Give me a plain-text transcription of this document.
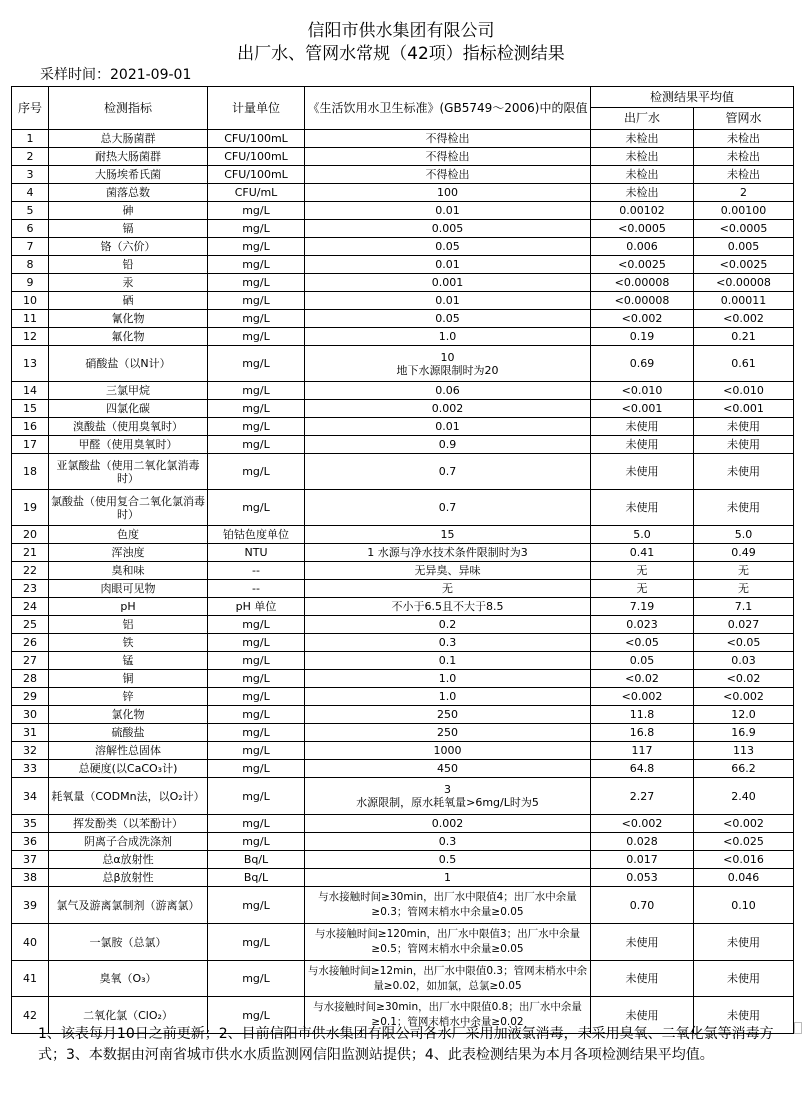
信阳市供水集团有限公司
出厂水、管网水常规（42项）指标检测结果
采样时间：2021-09-01
序号	检测指标	计量单位	《生活饮用水卫生标准》(GB5749～2006)中的限值	检测结果平均值	
				出厂水	管网水
1	总大肠菌群	CFU/100mL	不得检出	未检出	未检出
2	耐热大肠菌群	CFU/100mL	不得检出	未检出	未检出
3	大肠埃希氏菌	CFU/100mL	不得检出	未检出	未检出
4	菌落总数	CFU/mL	100	未检出	2
5	砷	mg/L	0.01	0.00102	0.00100
6	镉	mg/L	0.005	<0.0005	<0.0005
7	铬（六价）	mg/L	0.05	0.006	0.005
8	铅	mg/L	0.01	<0.0025	<0.0025
9	汞	mg/L	0.001	<0.00008	<0.00008
10	硒	mg/L	0.01	<0.00008	0.00011
11	氰化物	mg/L	0.05	<0.002	<0.002
12	氟化物	mg/L	1.0	0.19	0.21
13	硝酸盐（以N计）	mg/L	10
地下水源限制时为20	0.69	0.61
14	三氯甲烷	mg/L	0.06	<0.010	<0.010
15	四氯化碳	mg/L	0.002	<0.001	<0.001
16	溴酸盐（使用臭氧时）	mg/L	0.01	未使用	未使用
17	甲醛（使用臭氧时）	mg/L	0.9	未使用	未使用
18	亚氯酸盐（使用二氧化氯消毒时）	mg/L	0.7	未使用	未使用
19	氯酸盐（使用复合二氧化氯消毒时）	mg/L	0.7	未使用	未使用
20	色度	铂钴色度单位	15	5.0	5.0
21	浑浊度	NTU	1 水源与净水技术条件限制时为3	0.41	0.49
22	臭和味	--	无异臭、异味	无	无
23	肉眼可见物	--	无	无	无
24	pH	pH 单位	不小于6.5且不大于8.5	7.19	7.1
25	铝	mg/L	0.2	0.023	0.027
26	铁	mg/L	0.3	<0.05	<0.05
27	锰	mg/L	0.1	0.05	0.03
28	铜	mg/L	1.0	<0.02	<0.02
29	锌	mg/L	1.0	<0.002	<0.002
30	氯化物	mg/L	250	11.8	12.0
31	硫酸盐	mg/L	250	16.8	16.9
32	溶解性总固体	mg/L	1000	117	113
33	总硬度(以CaCO₃计)	mg/L	450	64.8	66.2
34	耗氧量（CODMn法，以O₂计）	mg/L	3
水源限制，原水耗氧量>6mg/L时为5	2.27	2.40
35	挥发酚类（以苯酚计）	mg/L	0.002	<0.002	<0.002
36	阴离子合成洗涤剂	mg/L	0.3	0.028	<0.025
37	总α放射性	Bq/L	0.5	0.017	<0.016
38	总β放射性	Bq/L	1	0.053	0.046
39	氯气及游离氯制剂（游离氯）	mg/L	与水接触时间≥30min，出厂水中限值4；出厂水中余量≥0.3；管网末梢水中余量≥0.05	0.70	0.10
40	一氯胺（总氯）	mg/L	与水接触时间≥120min，出厂水中限值3；出厂水中余量≥0.5；管网末梢水中余量≥0.05	未使用	未使用
41	臭氧（O₃）	mg/L	与水接触时间≥12min，出厂水中限值0.3；管网末梢水中余量≥0.02，如加氯，总氯≥0.05	未使用	未使用
42	二氧化氯（ClO₂）	mg/L	与水接触时间≥30min，出厂水中限值0.8；出厂水中余量≥0.1；管网末梢水中余量≥0.02	未使用	未使用
1、该表每月10日之前更新；2、目前信阳市供水集团有限公司各水厂采用加液氯消毒，未采用臭氧、二氧化氯等消毒方式；3、本数据由河南省城市供水水质监测网信阳监测站提供；4、此表检测结果为本月各项检测结果平均值。
